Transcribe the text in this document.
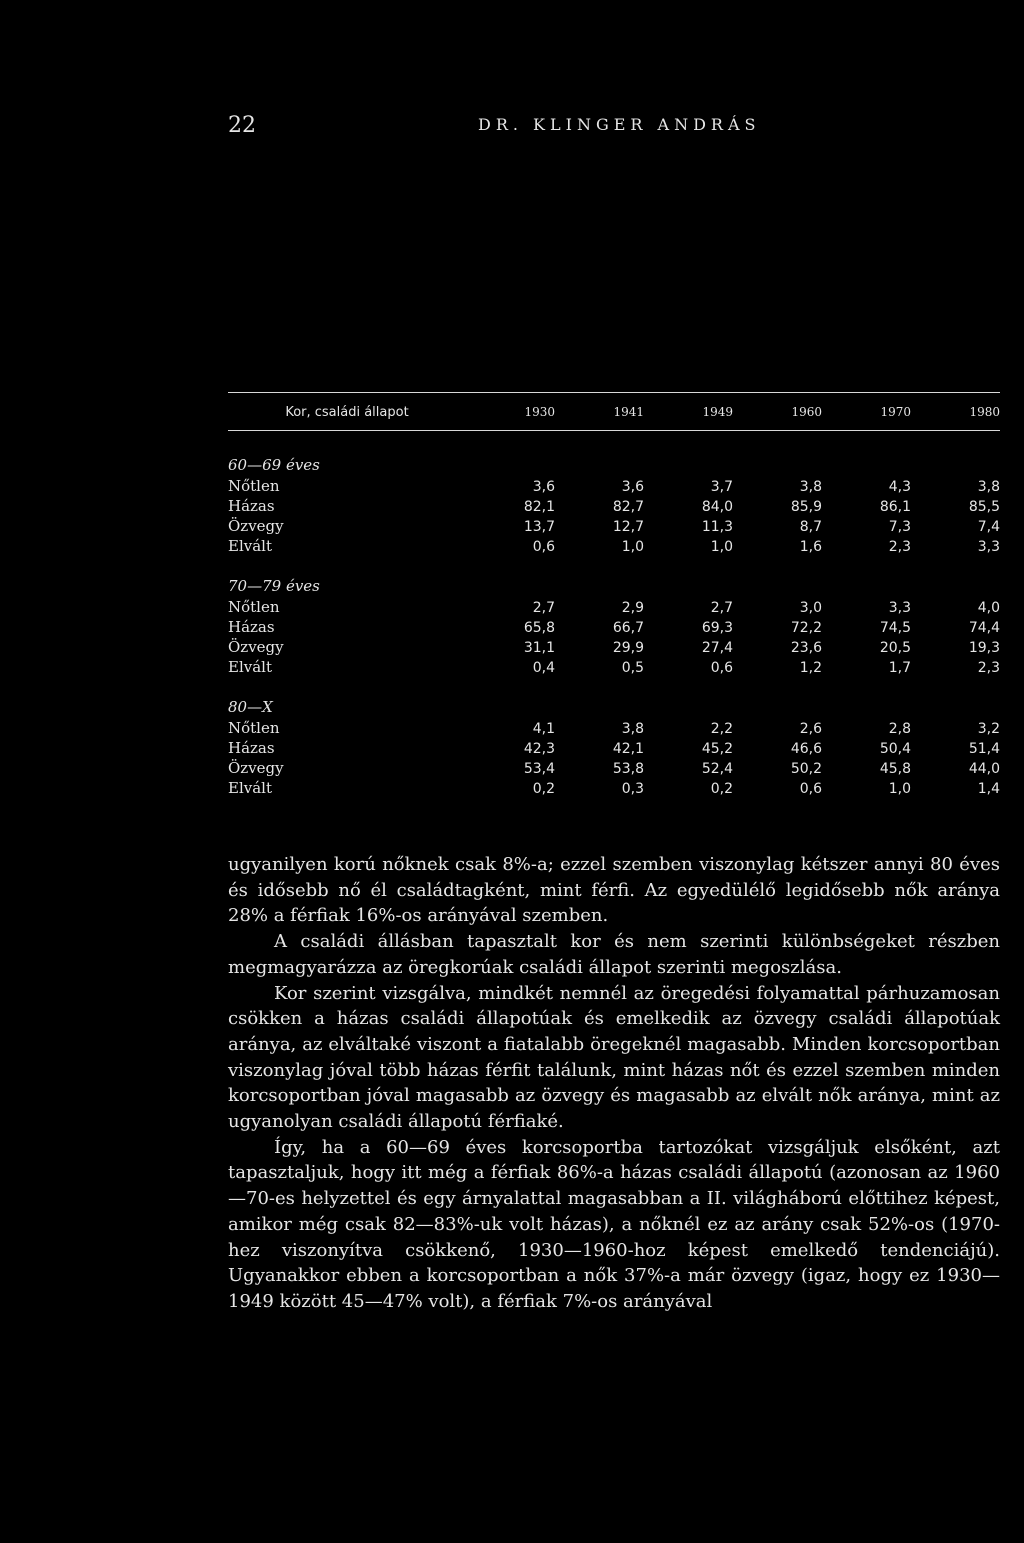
22	DR. KLINGER ANDRÁS
Kor, családi állapot	1930	1941	1949	1960	1970	1980
60—69 éves
Nőtlen	3,6	3,6	3,7	3,8	4,3	3,8
Házas	82,1	82,7	84,0	85,9	86,1	85,5
Özvegy	13,7	12,7	11,3	8,7	7,3	7,4
Elvált	0,6	1,0	1,0	1,6	2,3	3,3
70—79 éves
Nőtlen	2,7	2,9	2,7	3,0	3,3	4,0
Házas	65,8	66,7	69,3	72,2	74,5	74,4
Özvegy	31,1	29,9	27,4	23,6	20,5	19,3
Elvált	0,4	0,5	0,6	1,2	1,7	2,3
80—X
Nőtlen	4,1	3,8	2,2	2,6	2,8	3,2
Házas	42,3	42,1	45,2	46,6	50,4	51,4
Özvegy	53,4	53,8	52,4	50,2	45,8	44,0
Elvált	0,2	0,3	0,2	0,6	1,0	1,4

ugyanilyen korú nőknek csak 8%-a; ezzel szemben viszonylag kétszer annyi 80 éves és idősebb nő él családtagként, mint férfi. Az egyedülélő legidősebb nők aránya 28% a férfiak 16%-os arányával szemben.

A családi állásban tapasztalt kor és nem szerinti különbségeket részben megmagyarázza az öregkorúak családi állapot szerinti megoszlása.

Kor szerint vizsgálva, mindkét nemnél az öregedési folyamattal párhuzamosan csökken a házas családi állapotúak és emelkedik az özvegy családi állapotúak aránya, az elváltaké viszont a fiatalabb öregeknél magasabb. Minden korcsoportban viszonylag jóval több házas férfit találunk, mint házas nőt és ezzel szemben minden korcsoportban jóval magasabb az özvegy és magasabb az elvált nők aránya, mint az ugyanolyan családi állapotú férfiaké.

Így, ha a 60—69 éves korcsoportba tartozókat vizsgáljuk elsőként, azt tapasztaljuk, hogy itt még a férfiak 86%-a házas családi állapotú (azonosan az 1960—70-es helyzettel és egy árnyalattal magasabban a II. világháború előttihez képest, amikor még csak 82—83%-uk volt házas), a nőknél ez az arány csak 52%-os (1970-hez viszonyítva csökkenő, 1930—1960-hoz képest emelkedő tendenciájú). Ugyanakkor ebben a korcsoportban a nők 37%-a már özvegy (igaz, hogy ez 1930—1949 között 45—47% volt), a férfiak 7%-os arányával
